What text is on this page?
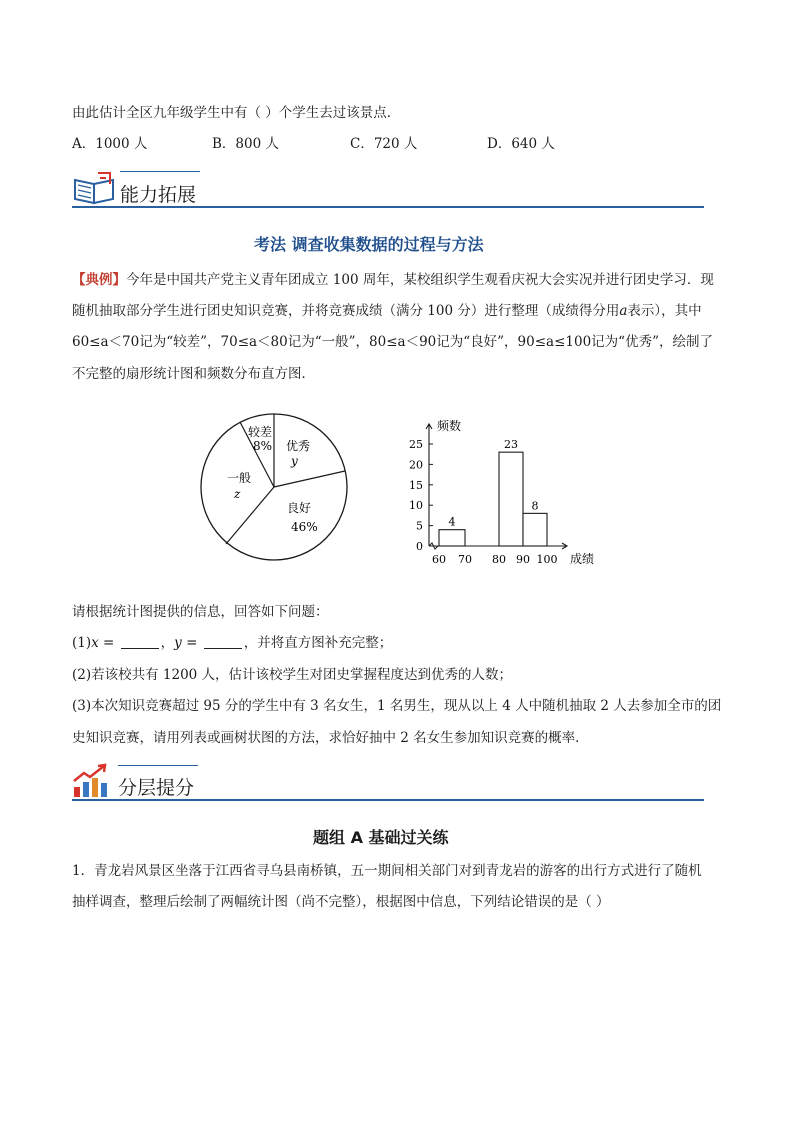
由此估计全区九年级学生中有（ ）个学生去过该景点．
A．1000 人	B．800 人	C．720 人	D．640 人
能力拓展
考法 调查收集数据的过程与方法
【典例】今年是中国共产党主义青年团成立 100 周年，某校组织学生观看庆祝大会实况并进行团史学习．现
随机抽取部分学生进行团史知识竞赛，并将竞赛成绩（满分 100 分）进行整理（成绩得分用a表示），其中
60≤a＜70记为“较差”，70≤a＜80记为“一般”，80≤a＜90记为“良好”，90≤a≤100记为“优秀”，绘制了
不完整的扇形统计图和频数分布直方图．
较差
8% 优秀
y
良好
46%
一般
z
0
5
10
15
20
25
60 70 80 90 100
4
23
8
频数
成绩
请根据统计图提供的信息，回答如下问题：
(1)x =	，y =	，并将直方图补充完整；
(2)若该校共有 1200 人，估计该校学生对团史掌握程度达到优秀的人数；
(3)本次知识竞赛超过 95 分的学生中有 3 名女生，1 名男生，现从以上 4 人中随机抽取 2 人去参加全市的团
史知识竞赛，请用列表或画树状图的方法，求恰好抽中 2 名女生参加知识竞赛的概率．
分层提分
题组 A 基础过关练
1．青龙岩风景区坐落于江西省寻乌县南桥镇，五一期间相关部门对到青龙岩的游客的出行方式进行了随机
抽样调查，整理后绘制了两幅统计图（尚不完整），根据图中信息，下列结论错误的是（ ）
